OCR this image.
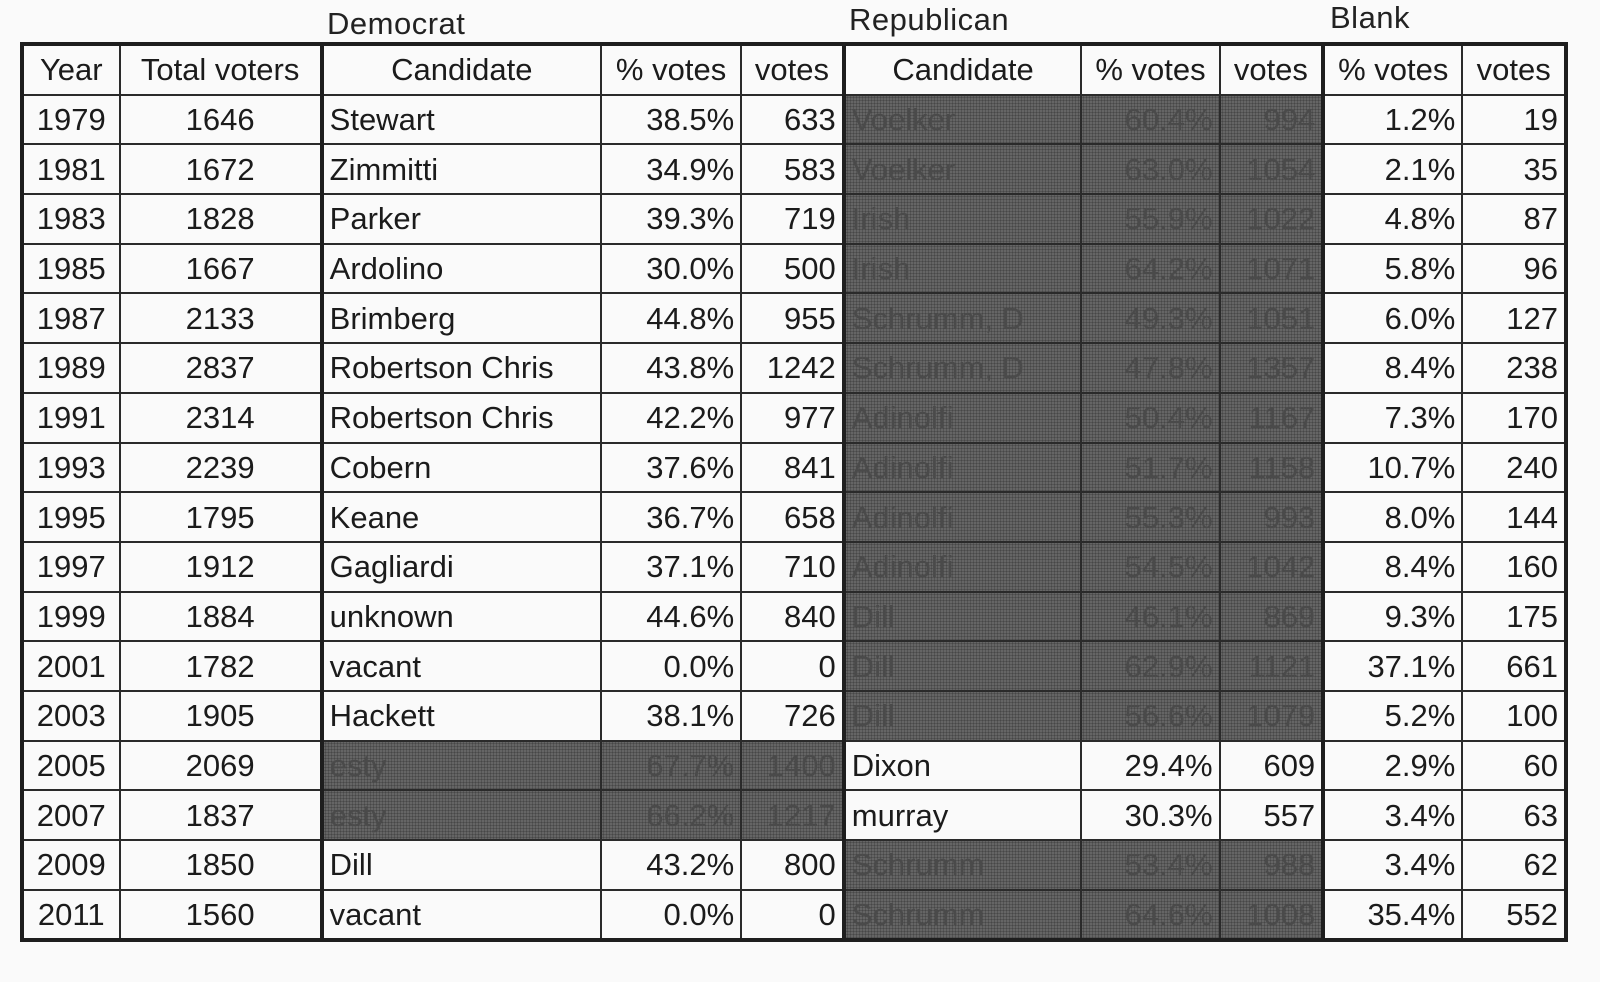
Democrat	Republican	Blank
Year	Total voters	Candidate	% votes	votes	Candidate	% votes	votes	% votes	votes
1979	1646	Stewart	38.5%	633	Voelker	60.4%	994	1.2%	19
1981	1672	Zimmitti	34.9%	583	Voelker	63.0%	1054	2.1%	35
1983	1828	Parker	39.3%	719	Irish	55.9%	1022	4.8%	87
1985	1667	Ardolino	30.0%	500	Irish	64.2%	1071	5.8%	96
1987	2133	Brimberg	44.8%	955	Schrumm, D	49.3%	1051	6.0%	127
1989	2837	Robertson Chris	43.8%	1242	Schrumm, D	47.8%	1357	8.4%	238
1991	2314	Robertson Chris	42.2%	977	Adinolfi	50.4%	1167	7.3%	170
1993	2239	Cobern	37.6%	841	Adinolfi	51.7%	1158	10.7%	240
1995	1795	Keane	36.7%	658	Adinolfi	55.3%	993	8.0%	144
1997	1912	Gagliardi	37.1%	710	Adinolfi	54.5%	1042	8.4%	160
1999	1884	unknown	44.6%	840	Dill	46.1%	869	9.3%	175
2001	1782	vacant	0.0%	0	Dill	62.9%	1121	37.1%	661
2003	1905	Hackett	38.1%	726	Dill	56.6%	1079	5.2%	100
2005	2069	esty	67.7%	1400	Dixon	29.4%	609	2.9%	60
2007	1837	esty	66.2%	1217	murray	30.3%	557	3.4%	63
2009	1850	Dill	43.2%	800	Schrumm	53.4%	988	3.4%	62
2011	1560	vacant	0.0%	0	Schrumm	64.6%	1008	35.4%	552
